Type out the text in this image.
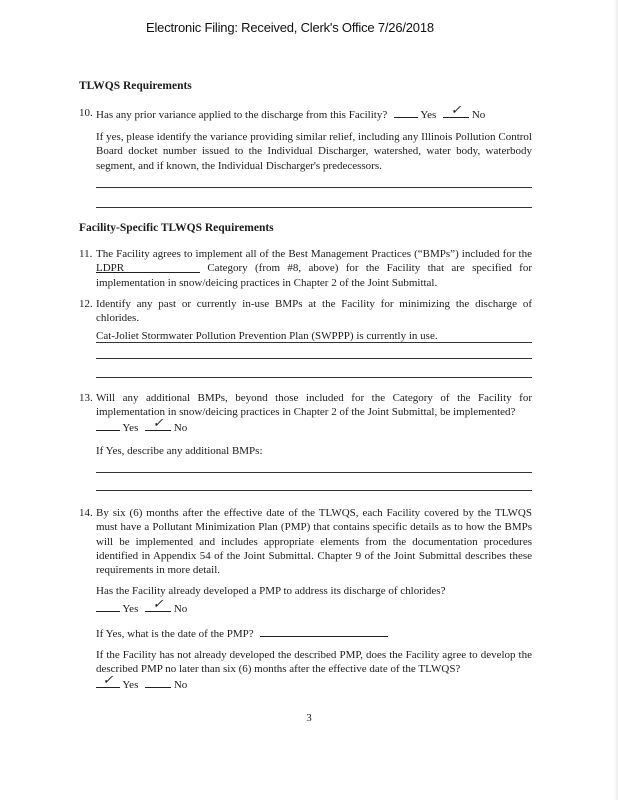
Electronic Filing: Received, Clerk's Office 7/26/2018
TLWQS Requirements
10. Has any prior variance applied to the discharge from this Facility?	Yes	✓ No
If yes, please identify the variance providing similar relief, including any Illinois Pollution Control Board docket number issued to the Individual Discharger, watershed, water body, waterbody segment, and if known, the Individual Discharger's predecessors.
Facility-Specific TLWQS Requirements
11. The Facility agrees to implement all of the Best Management Practices (“BMPs”) included for the LDPR	Category (from #8, above) for the Facility that are specified for implementation in snow/deicing practices in Chapter 2 of the Joint Submittal.
12. Identify any past or currently in-use BMPs at the Facility for minimizing the discharge of chlorides.
Cat-Joliet Stormwater Pollution Prevention Plan (SWPPP) is currently in use.
13. Will any additional BMPs, beyond those included for the Category of the Facility for implementation in snow/deicing practices in Chapter 2 of the Joint Submittal, be implemented?
Yes	✓ No
If Yes, describe any additional BMPs:
14. By six (6) months after the effective date of the TLWQS, each Facility covered by the TLWQS must have a Pollutant Minimization Plan (PMP) that contains specific details as to how the BMPs will be implemented and includes appropriate elements from the documentation procedures identified in Appendix 54 of the Joint Submittal. Chapter 9 of the Joint Submittal describes these requirements in more detail.
Has the Facility already developed a PMP to address its discharge of chlorides?
Yes	✓ No
If Yes, what is the date of the PMP?
If the Facility has not already developed the described PMP, does the Facility agree to develop the described PMP no later than six (6) months after the effective date of the TLWQS?
✓ Yes	No
3
